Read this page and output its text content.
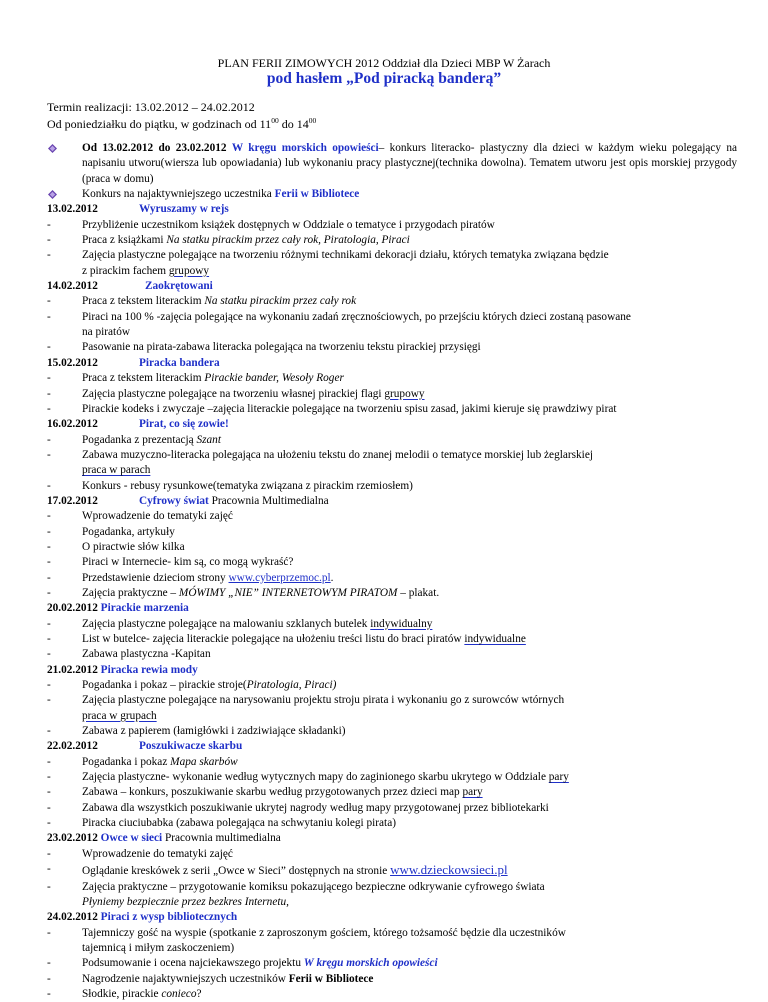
PLAN FERII ZIMOWYCH 2012 Oddział dla Dzieci MBP W Żarach
pod hasłem „Pod piracką banderą”
Termin realizacji: 13.02.2012 – 24.02.2012
Od poniedziałku do piątku, w godzinach od $11^{00}$ do $14^{00}$
Od 13.02.2012 do 23.02.2012 W kręgu morskich opowieści– konkurs literacko- plastyczny dla dzieci w każdym wieku polegający na napisaniu utworu(wiersza lub opowiadania) lub wykonaniu pracy plastycznej(technika dowolna). Tematem utworu jest opis morskiej przygody (praca w domu)
Konkurs na najaktywniejszego uczestnika Ferii w Bibliotece
13.02.2012	Wyruszamy w rejs
-	Przybliżenie uczestnikom książek dostępnych w Oddziale o tematyce i przygodach piratów
-	Praca z książkami Na statku pirackim przez cały rok, Piratologia, Piraci
-	Zajęcia plastyczne polegające na tworzeniu różnymi technikami dekoracji działu, których tematyka związana będzie
z pirackim fachem grupowy
14.02.2012	Zaokrętowani
-	Praca z tekstem literackim Na statku pirackim przez cały rok
-	Piraci na 100 % -zajęcia polegające na wykonaniu zadań zręcznościowych, po przejściu których dzieci zostaną pasowane
na piratów
-	Pasowanie na pirata-zabawa literacka polegająca na tworzeniu tekstu pirackiej przysięgi
15.02.2012	Piracka bandera
-	Praca z tekstem literackim Pirackie bander, Wesoły Roger
-	Zajęcia plastyczne polegające na tworzeniu własnej pirackiej flagi grupowy
-	Pirackie kodeks i zwyczaje –zajęcia literackie polegające na tworzeniu spisu zasad, jakimi kieruje się prawdziwy pirat
16.02.2012	Pirat, co się zowie!
-	Pogadanka z prezentacją Szant
-	Zabawa muzyczno-literacka polegająca na ułożeniu tekstu do znanej melodii o tematyce morskiej lub żeglarskiej
praca w parach
-	Konkurs - rebusy rysunkowe(tematyka związana z pirackim rzemiosłem)
17.02.2012	Cyfrowy świat Pracownia Multimedialna
-	Wprowadzenie do tematyki zajęć
-	Pogadanka, artykuły
-	O piractwie słów kilka
-	Piraci w Internecie- kim są, co mogą wykraść?
-	Przedstawienie dzieciom strony www.cyberprzemoc.pl.
-	Zajęcia praktyczne – MÓWIMY „NIE” INTERNETOWYM PIRATOM – plakat.
20.02.2012 Pirackie marzenia
-	Zajęcia plastyczne polegające na malowaniu szklanych butelek indywidualny
-	List w butelce- zajęcia literackie polegające na ułożeniu treści listu do braci piratów indywidualne
-	Zabawa plastyczna -Kapitan
21.02.2012 Piracka rewia mody
-	Pogadanka i pokaz – pirackie stroje(Piratologia, Piraci)
-	Zajęcia plastyczne polegające na narysowaniu projektu stroju pirata i wykonaniu go z surowców wtórnych
praca w grupach
-	Zabawa z papierem (łamigłówki i zadziwiające składanki)
22.02.2012	Poszukiwacze skarbu
-	Pogadanka i pokaz Mapa skarbów
-	Zajęcia plastyczne- wykonanie według wytycznych mapy do zaginionego skarbu ukrytego w Oddziale pary
-	Zabawa – konkurs, poszukiwanie skarbu według przygotowanych przez dzieci map pary
-	Zabawa dla wszystkich poszukiwanie ukrytej nagrody według mapy przygotowanej przez bibliotekarki
-	Piracka ciuciubabka (zabawa polegająca na schwytaniu kolegi pirata)
23.02.2012 Owce w sieci Pracownia multimedialna
-	Wprowadzenie do tematyki zajęć
-	Oglądanie kreskówek z serii „Owce w Sieci” dostępnych na stronie www.dzieckowsieci.pl
-	Zajęcia praktyczne – przygotowanie komiksu pokazującego bezpieczne odkrywanie cyfrowego świata
Płyniemy bezpiecznie przez bezkres Internetu,
24.02.2012 Piraci z wysp bibliotecznych
-	Tajemniczy gość na wyspie (spotkanie z zaproszonym gościem, którego tożsamość będzie dla uczestników
tajemnicą i miłym zaskoczeniem)
-	Podsumowanie i ocena najciekawszego projektu W kręgu morskich opowieści
-	Nagrodzenie najaktywniejszych uczestników Ferii w Bibliotece
-	Słodkie, pirackie conieco?
